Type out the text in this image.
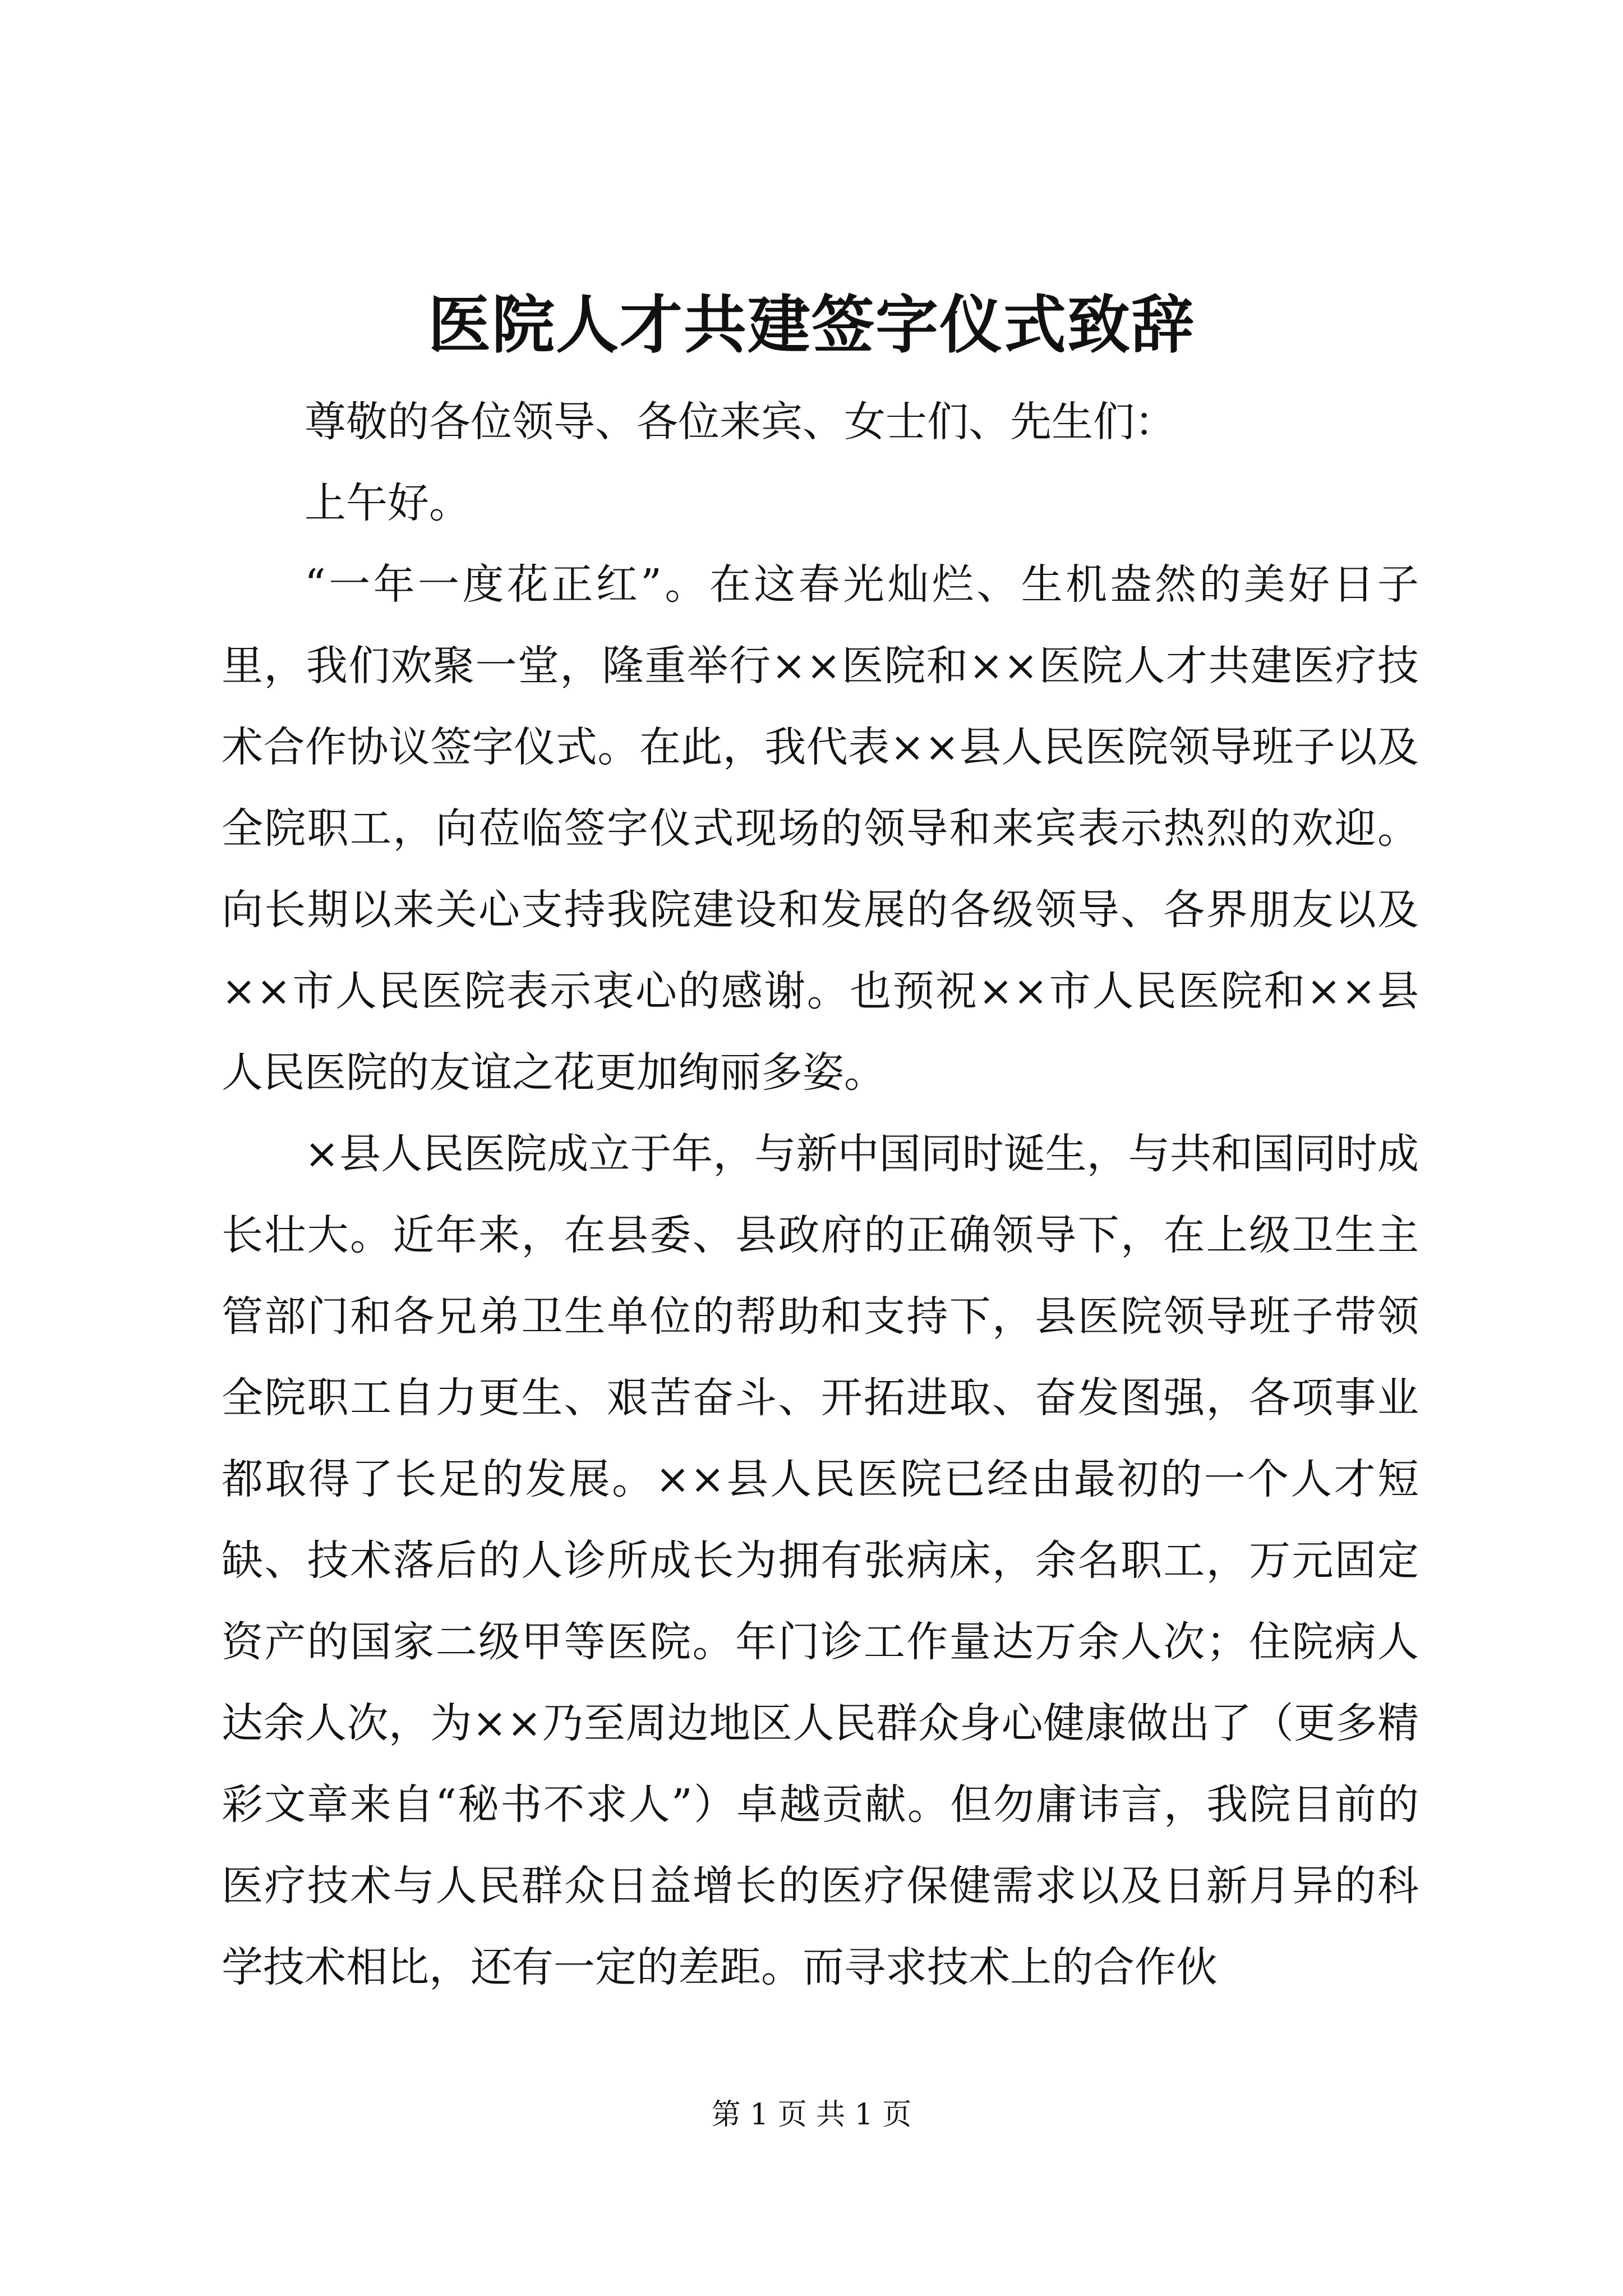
医院人才共建签字仪式致辞

尊敬的各位领导、各位来宾、女士们、先生们：

上午好。

“一年一度花正红”。在这春光灿烂、生机盎然的美好日子里，我们欢聚一堂，隆重举行××医院和××医院人才共建医疗技术合作协议签字仪式。在此，我代表××县人民医院领导班子以及全院职工，向莅临签字仪式现场的领导和来宾表示热烈的欢迎。向长期以来关心支持我院建设和发展的各级领导、各界朋友以及××市人民医院表示衷心的感谢。也预祝××市人民医院和××县人民医院的友谊之花更加绚丽多姿。

×县人民医院成立于年，与新中国同时诞生，与共和国同时成长壮大。近年来，在县委、县政府的正确领导下，在上级卫生主管部门和各兄弟卫生单位的帮助和支持下，县医院领导班子带领全院职工自力更生、艰苦奋斗、开拓进取、奋发图强，各项事业都取得了长足的发展。××县人民医院已经由最初的一个人才短缺、技术落后的人诊所成长为拥有张病床，余名职工，万元固定资产的国家二级甲等医院。年门诊工作量达万余人次；住院病人达余人次，为××乃至周边地区人民群众身心健康做出了（更多精彩文章来自“秘书不求人”）卓越贡献。但勿庸讳言，我院目前的医疗技术与人民群众日益增长的医疗保健需求以及日新月异的科学技术相比，还有一定的差距。而寻求技术上的合作伙

第 1 页 共 1 页
